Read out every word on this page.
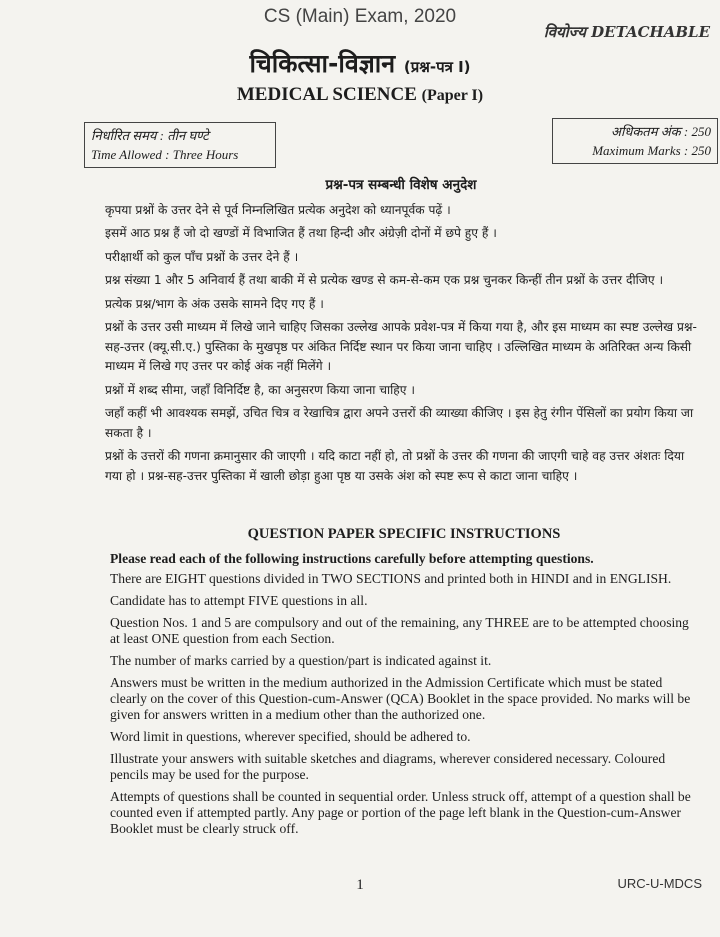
CS (Main) Exam, 2020
वियोज्य DETACHABLE
चिकित्सा-विज्ञान (प्रश्न-पत्र I)
MEDICAL SCIENCE (Paper I)
निर्धारित समय : तीन घण्टे
Time Allowed : Three Hours
अधिकतम अंक : 250
Maximum Marks : 250
प्रश्न-पत्र सम्बन्धी विशेष अनुदेश

कृपया प्रश्नों के उत्तर देने से पूर्व निम्नलिखित प्रत्येक अनुदेश को ध्यानपूर्वक पढ़ें ।

इसमें आठ प्रश्न हैं जो दो खण्डों में विभाजित हैं तथा हिन्दी और अंग्रेज़ी दोनों में छपे हुए हैं ।

परीक्षार्थी को कुल पाँच प्रश्नों के उत्तर देने हैं ।

प्रश्न संख्या 1 और 5 अनिवार्य हैं तथा बाकी में से प्रत्येक खण्ड से कम-से-कम एक प्रश्न चुनकर किन्हीं तीन प्रश्नों के उत्तर दीजिए ।

प्रत्येक प्रश्न/भाग के अंक उसके सामने दिए गए हैं ।

प्रश्नों के उत्तर उसी माध्यम में लिखे जाने चाहिए जिसका उल्लेख आपके प्रवेश-पत्र में किया गया है, और इस माध्यम का स्पष्ट उल्लेख प्रश्न-सह-उत्तर (क्यू.सी.ए.) पुस्तिका के मुखपृष्ठ पर अंकित निर्दिष्ट स्थान पर किया जाना चाहिए । उल्लिखित माध्यम के अतिरिक्त अन्य किसी माध्यम में लिखे गए उत्तर पर कोई अंक नहीं मिलेंगे ।

प्रश्नों में शब्द सीमा, जहाँ विनिर्दिष्ट है, का अनुसरण किया जाना चाहिए ।

जहाँ कहीं भी आवश्यक समझें, उचित चित्र व रेखाचित्र द्वारा अपने उत्तरों की व्याख्या कीजिए । इस हेतु रंगीन पेंसिलों का प्रयोग किया जा सकता है ।

प्रश्नों के उत्तरों की गणना क्रमानुसार की जाएगी । यदि काटा नहीं हो, तो प्रश्नों के उत्तर की गणना की जाएगी चाहे वह उत्तर अंशतः दिया गया हो । प्रश्न-सह-उत्तर पुस्तिका में खाली छोड़ा हुआ पृष्ठ या उसके अंश को स्पष्ट रूप से काटा जाना चाहिए ।

QUESTION PAPER SPECIFIC INSTRUCTIONS

Please read each of the following instructions carefully before attempting questions.

There are EIGHT questions divided in TWO SECTIONS and printed both in HINDI and in ENGLISH.

Candidate has to attempt FIVE questions in all.

Question Nos. 1 and 5 are compulsory and out of the remaining, any THREE are to be attempted choosing at least ONE question from each Section.

The number of marks carried by a question/part is indicated against it.

Answers must be written in the medium authorized in the Admission Certificate which must be stated clearly on the cover of this Question-cum-Answer (QCA) Booklet in the space provided. No marks will be given for answers written in a medium other than the authorized one.

Word limit in questions, wherever specified, should be adhered to.

Illustrate your answers with suitable sketches and diagrams, wherever considered necessary. Coloured pencils may be used for the purpose.

Attempts of questions shall be counted in sequential order. Unless struck off, attempt of a question shall be counted even if attempted partly. Any page or portion of the page left blank in the Question-cum-Answer Booklet must be clearly struck off.

1	URC-U-MDCS
